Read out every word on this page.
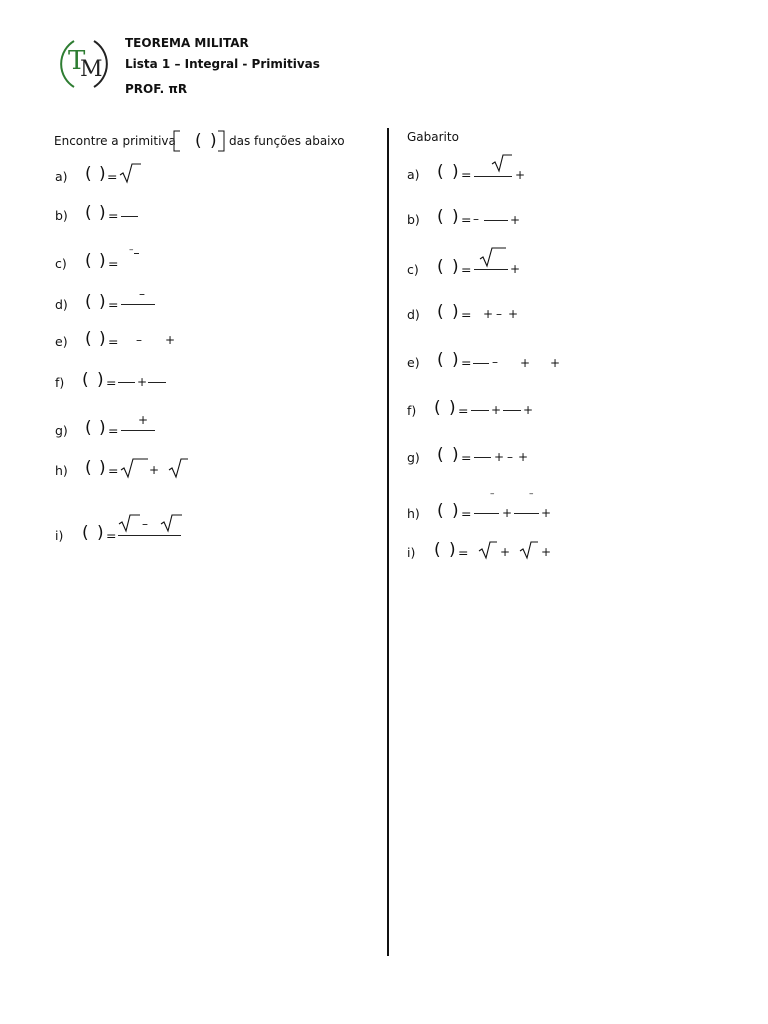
T
M
TEOREMA MILITAR
Lista 1 – Integral - Primitivas
PROF. πR
Encontre a primitiva ( ) das funções abaixo
a) ( ) =
b) ( ) =
c) ( ) =
–
d) ( ) =
–
e) ( ) = – +
f) ( ) = +
g) ( ) =
+
h) ( ) =	+
i) ( ) =
–
Gabarito
a) ( ) =	+
b) ( ) = –	+
c) ( ) =	+
d) ( ) = + – +
e) ( ) = – + +
f) ( ) = + +
g) ( ) = + – +
h) ( ) =
–
+
–
+
i) ( ) =	+	+
